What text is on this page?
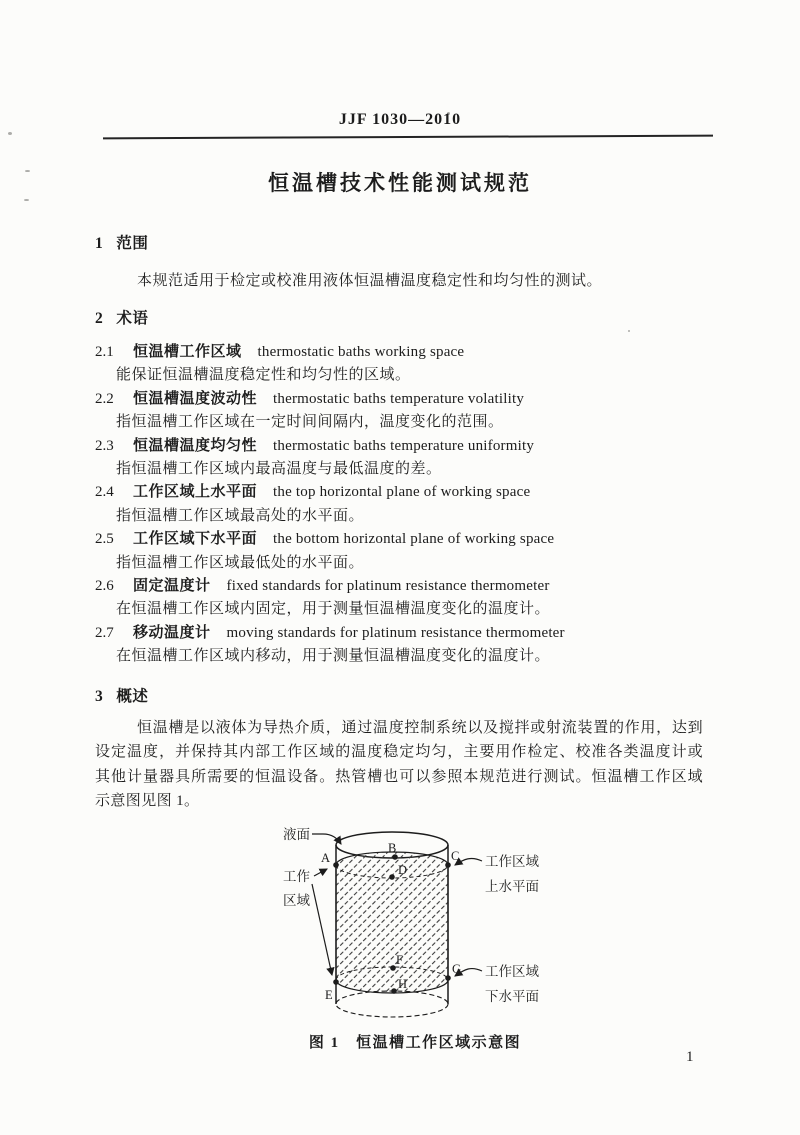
JJF 1030—2010
恒温槽技术性能测试规范
1 范围

本规范适用于检定或校准用液体恒温槽温度稳定性和均匀性的测试。

2 术语
2.1 恒温槽工作区域 thermostatic baths working space
能保证恒温槽温度稳定性和均匀性的区域。
2.2 恒温槽温度波动性 thermostatic baths temperature volatility
指恒温槽工作区域在一定时间间隔内，温度变化的范围。
2.3 恒温槽温度均匀性 thermostatic baths temperature uniformity
指恒温槽工作区域内最高温度与最低温度的差。
2.4 工作区域上水平面 the top horizontal plane of working space
指恒温槽工作区域最高处的水平面。
2.5 工作区域下水平面 the bottom horizontal plane of working space
指恒温槽工作区域最低处的水平面。
2.6 固定温度计 fixed standards for platinum resistance thermometer
在恒温槽工作区域内固定，用于测量恒温槽温度变化的温度计。
2.7 移动温度计 moving standards for platinum resistance thermometer
在恒温槽工作区域内移动，用于测量恒温槽温度变化的温度计。
3 概述
恒温槽是以液体为导热介质，通过温度控制系统以及搅拌或射流装置的作用，达到
设定温度，并保持其内部工作区域的温度稳定均匀，主要用作检定、校准各类温度计或
其他计量器具所需要的恒温设备。热管槽也可以参照本规范进行测试。恒温槽工作区域
示意图见图 1。
A
B
C
D
E
F
G
H
液面
工作
区域
工作区域
上水平面
工作区域
下水平面
图 1　恒温槽工作区域示意图
1
